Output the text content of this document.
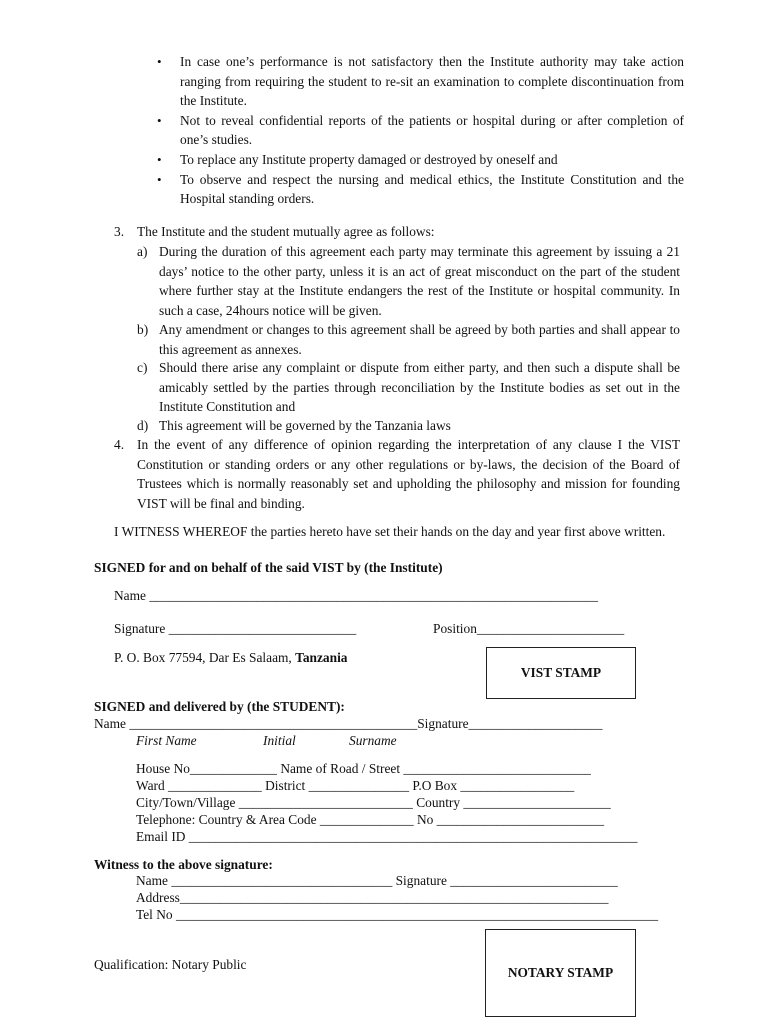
• In case one’s performance is not satisfactory then the Institute authority may take action ranging from requiring the student to re-sit an examination to complete discontinuation from the Institute.
• Not to reveal confidential reports of the patients or hospital during or after completion of one’s studies.
• To replace any Institute property damaged or destroyed by oneself and
• To observe and respect the nursing and medical ethics, the Institute Constitution and the Hospital standing orders.
3. The Institute and the student mutually agree as follows:
a) During the duration of this agreement each party may terminate this agreement by issuing a 21 days’ notice to the other party, unless it is an act of great misconduct on the part of the student where further stay at the Institute endangers the rest of the Institute or hospital community. In such a case, 24hours notice will be given.
b) Any amendment or changes to this agreement shall be agreed by both parties and shall appear to this agreement as annexes.
c) Should there arise any complaint or dispute from either party, and then such a dispute shall be amicably settled by the parties through reconciliation by the Institute bodies as set out in the Institute Constitution and
d) This agreement will be governed by the Tanzania laws
4. In the event of any difference of opinion regarding the interpretation of any clause I the VIST Constitution or standing orders or any other regulations or by-laws, the decision of the Board of Trustees which is normally reasonably set and upholding the philosophy and mission for founding VIST will be final and binding.
I WITNESS WHEREOF the parties hereto have set their hands on the day and year first above written.
SIGNED for and on behalf of the said VIST by (the Institute)
Name ___________________________________________________________________
Signature ____________________________	Position______________________
P. O. Box 77594, Dar Es Salaam, Tanzania
VIST STAMP
SIGNED and delivered by (the STUDENT):
Name ___________________________________________Signature____________________
First Name	Initial	Surname
House No_____________ Name of Road / Street ____________________________
Ward ______________ District _______________ P.O Box _________________
City/Town/Village __________________________ Country ______________________
Telephone: Country & Area Code ______________ No _________________________
Email ID ___________________________________________________________________
Witness to the above signature:
Name _________________________________ Signature _________________________
Address________________________________________________________________
Tel No ________________________________________________________________________
Qualification: Notary Public
NOTARY STAMP
